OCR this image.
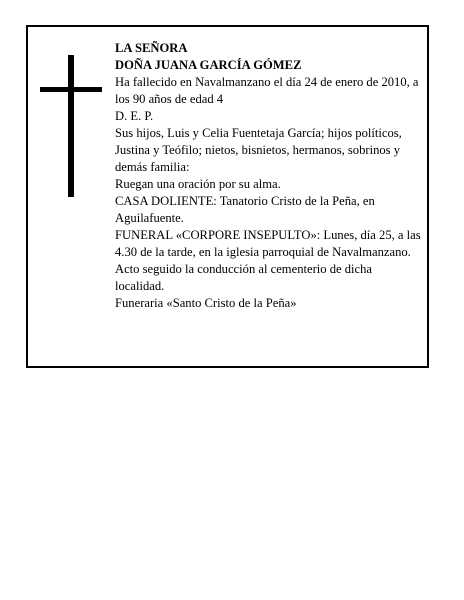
LA SEÑORA

DOÑA JUANA GARCÍA GÓMEZ

Ha fallecido en Navalmanzano el día 24 de enero de 2010, a los 90 años de edad 4

D. E. P.

Sus hijos, Luis y Celia Fuentetaja García; hijos políticos, Justina y Teófilo; nietos, bisnietos, hermanos, sobrinos y demás familia:

Ruegan una oración por su alma.

CASA DOLIENTE: Tanatorio Cristo de la Peña, en Aguilafuente.

FUNERAL «CORPORE INSEPULTO»: Lunes, día 25, a las 4.30 de la tarde, en la iglesia parroquial de Navalmanzano. Acto seguido la conducción al cementerio de dicha localidad.

Funeraria «Santo Cristo de la Peña»
